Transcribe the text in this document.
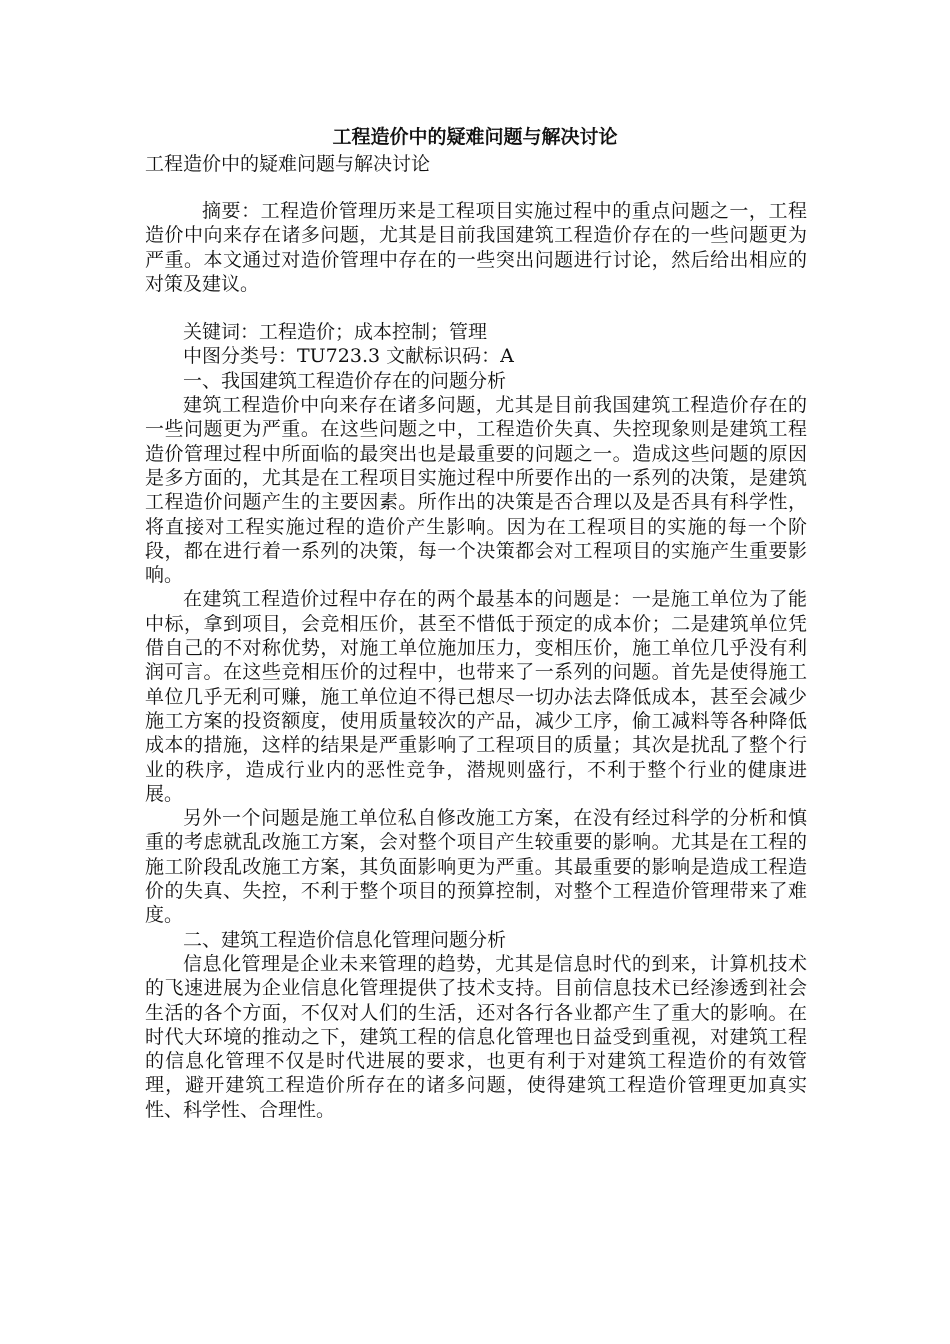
工程造价中的疑难问题与解决讨论
工程造价中的疑难问题与解决讨论

摘要：工程造价管理历来是工程项目实施过程中的重点问题之一，工程造价中向来存在诸多问题，尤其是目前我国建筑工程造价存在的一些问题更为严重。本文通过对造价管理中存在的一些突出问题进行讨论，然后给出相应的对策及建议。

关键词：工程造价；成本控制；管理

中图分类号：TU723.3 文献标识码：A

一、我国建筑工程造价存在的问题分析

建筑工程造价中向来存在诸多问题，尤其是目前我国建筑工程造价存在的一些问题更为严重。在这些问题之中，工程造价失真、失控现象则是建筑工程造价管理过程中所面临的最突出也是最重要的问题之一。造成这些问题的原因是多方面的，尤其是在工程项目实施过程中所要作出的一系列的决策，是建筑工程造价问题产生的主要因素。所作出的决策是否合理以及是否具有科学性，将直接对工程实施过程的造价产生影响。因为在工程项目的实施的每一个阶段，都在进行着一系列的决策，每一个决策都会对工程项目的实施产生重要影响。

在建筑工程造价过程中存在的两个最基本的问题是：一是施工单位为了能中标，拿到项目，会竞相压价，甚至不惜低于预定的成本价；二是建筑单位凭借自己的不对称优势，对施工单位施加压力，变相压价，施工单位几乎没有利润可言。在这些竞相压价的过程中，也带来了一系列的问题。首先是使得施工单位几乎无利可赚，施工单位迫不得已想尽一切办法去降低成本，甚至会减少施工方案的投资额度，使用质量较次的产品，减少工序，偷工减料等各种降低成本的措施，这样的结果是严重影响了工程项目的质量；其次是扰乱了整个行业的秩序，造成行业内的恶性竞争，潜规则盛行，不利于整个行业的健康进展。

另外一个问题是施工单位私自修改施工方案，在没有经过科学的分析和慎重的考虑就乱改施工方案，会对整个项目产生较重要的影响。尤其是在工程的施工阶段乱改施工方案，其负面影响更为严重。其最重要的影响是造成工程造价的失真、失控，不利于整个项目的预算控制，对整个工程造价管理带来了难度。

二、建筑工程造价信息化管理问题分析

信息化管理是企业未来管理的趋势，尤其是信息时代的到来，计算机技术的飞速进展为企业信息化管理提供了技术支持。目前信息技术已经渗透到社会生活的各个方面，不仅对人们的生活，还对各行各业都产生了重大的影响。在时代大环境的推动之下，建筑工程的信息化管理也日益受到重视，对建筑工程的信息化管理不仅是时代进展的要求，也更有利于对建筑工程造价的有效管理，避开建筑工程造价所存在的诸多问题，使得建筑工程造价管理更加真实性、科学性、合理性。
